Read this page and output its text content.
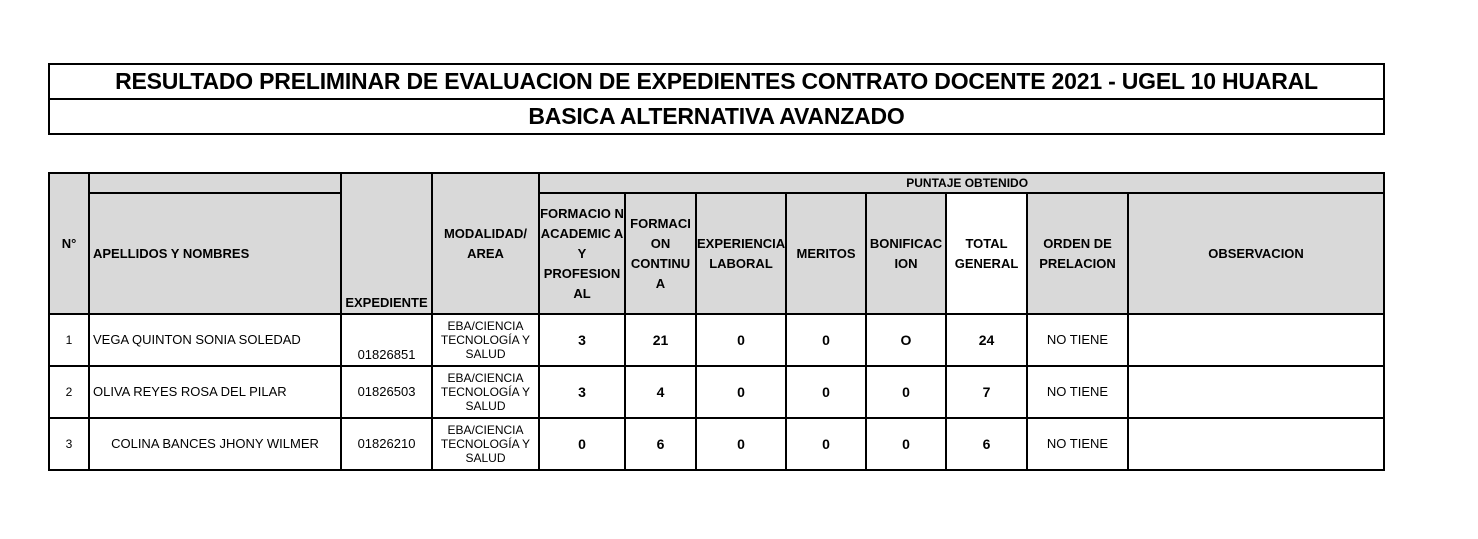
RESULTADO PRELIMINAR DE EVALUACION DE EXPEDIENTES CONTRATO DOCENTE 2021 - UGEL 10 HUARAL
BASICA ALTERNATIVA AVANZADO
N°		EXPEDIENTE	MODALIDAD/ AREA	PUNTAJE OBTENIDO							
	APELLIDOS Y NOMBRES			FORMACIO N ACADEMIC A Y PROFESION AL	FORMACI ON CONTINU A	EXPERIENCIA LABORAL	MERITOS	BONIFICAC ION	TOTAL GENERAL	ORDEN DE PRELACION	OBSERVACION
1	VEGA QUINTON SONIA SOLEDAD	01826851	EBA/CIENCIA TECNOLOGÍA Y SALUD	3	21	0	0	O	24	NO TIENE	
2	OLIVA REYES ROSA DEL PILAR	01826503	EBA/CIENCIA TECNOLOGÍA Y SALUD	3	4	0	0	0	7	NO TIENE	
3	COLINA BANCES JHONY WILMER	01826210	EBA/CIENCIA TECNOLOGÍA Y SALUD	0	6	0	0	0	6	NO TIENE	
